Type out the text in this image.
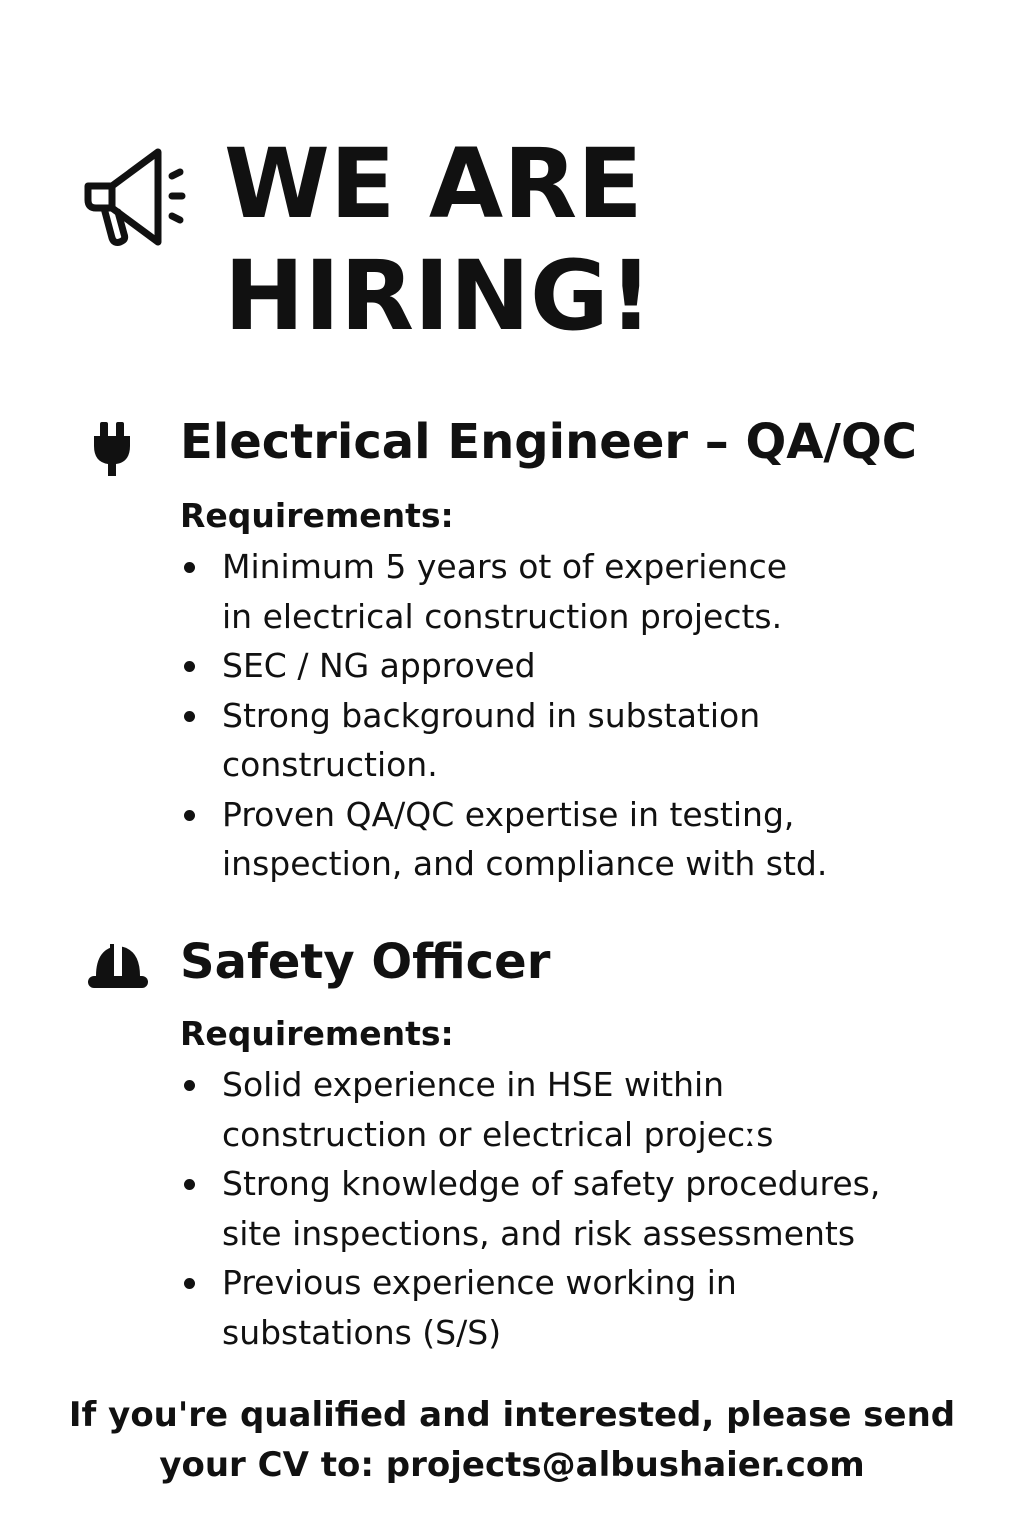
WE ARE
HIRING!
Electrical Engineer – QA/QC
Requirements:
Minimum 5 years ot of experience
in electrical construction projects.
SEC / NG approved
Strong background in substation
construction.
Proven QA/QC expertise in testing,
inspection, and compliance with std.
Safety Officer
Requirements:
Solid experience in HSE within
construction or electrical projecːs
Strong knowledge of safety procedures,
site inspections, and risk assessments
Previous experience working in
substations (S/S)
If you're qualified and interested, please send
your CV to: projects@albushaier.com
